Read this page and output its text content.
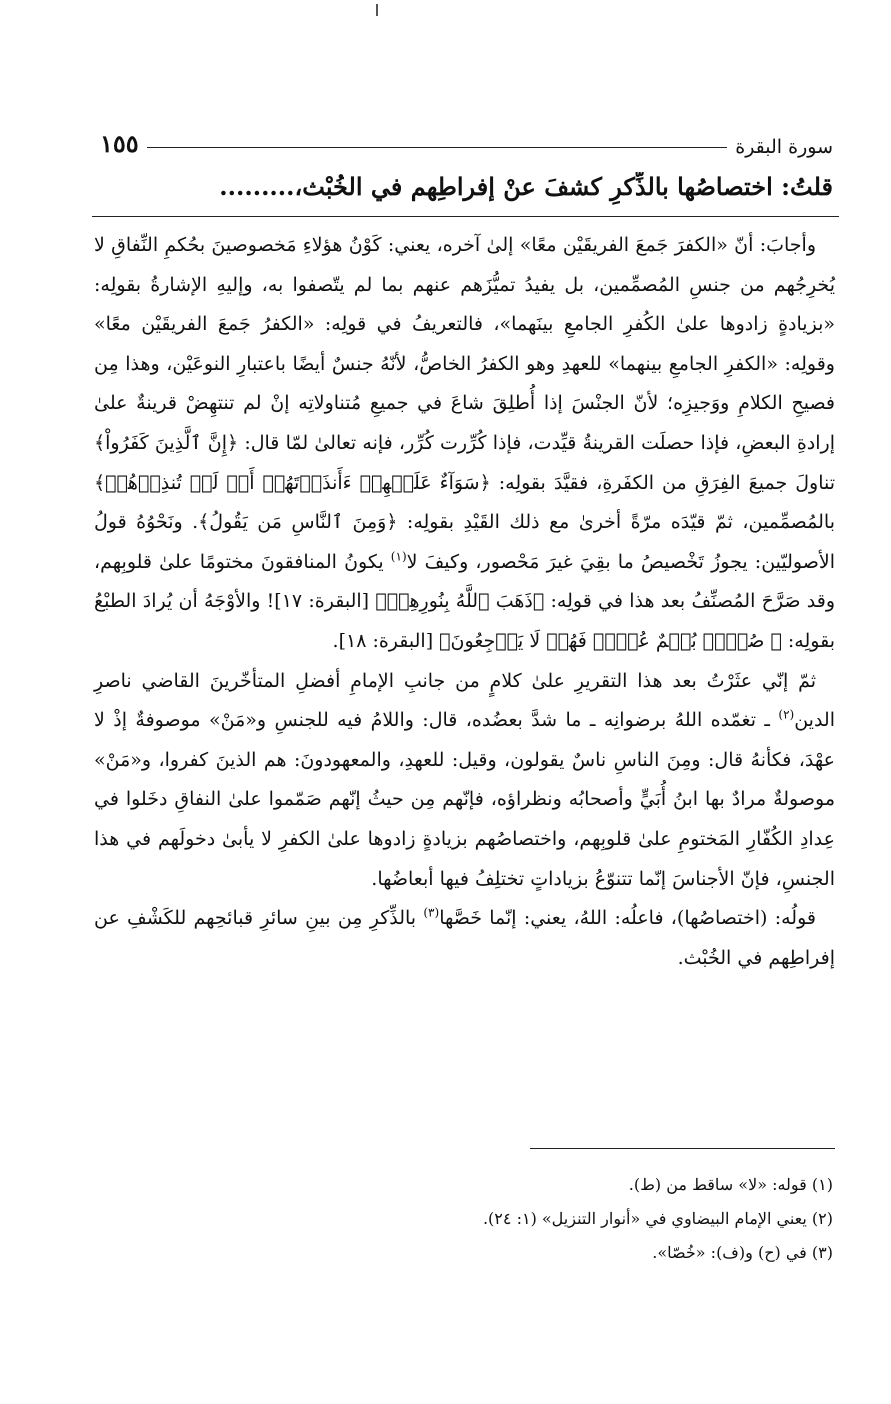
سورة البقرة
١٥٥
قلتُ: اختصاصُها بالذِّكرِ كشفَ عنْ إفراطِهم في الخُبْث،.........

 وأجابَ: أنّ «الكفرَ جَمعَ الفريقَيْن معًا» إلىٰ آخره، يعني: كَوْنُ هؤلاءِ مَخصوصينَ بحُكمِ النِّفاقِ لا يُخرِجُهم من جنسِ المُصمِّمين، بل يفيدُ تميُّزَهم عنهم بما لم يتّصفوا به، وإليهِ الإشارةُ بقولِه: «بزيادةٍ زادوها علىٰ الكُفرِ الجامعِ بينَهما»، فالتعريفُ في قولِه: «الكفرُ جَمعَ الفريقَيْن معًا» وقولِه: «الكفرِ الجامعِ بينهما» للعهدِ وهو الكفرُ الخاصُّ، لأنّهُ جنسٌ أيضًا باعتبارِ النوعَيْن، وهذا مِن فصيحِ الكلامِ ووَجيزِه؛ لأنّ الجنْسَ إذا أُطلِقَ شاعَ في جميعِ مُتناولاتِه إنْ لم تنتهِضْ قرينةٌ علىٰ إرادةِ البعضِ، فإذا حصلَت القرينةُ قيِّدت، فإذا كُرِّرت كُرِّر، فإنه تعالىٰ لمّا قال: ﴿إِنَّ ٱلَّذِينَ كَفَرُواْ﴾ تناولَ جميعَ الفِرَقِ من الكفَرةِ، فقيَّدَ بقولِه: ﴿سَوَآءٌ عَلَيۡهِمۡ ءَأَنذَرۡتَهُمۡ أَمۡ لَمۡ تُنذِرۡهُمۡ﴾ بالمُصمِّمين، ثمّ قيّدَه مرّةً أخرىٰ مع ذلك القَيْدِ بقولِه: ﴿وَمِنَ ٱلنَّاسِ مَن يَقُولُ﴾. ونَحْوُهُ قولُ الأصوليّين: يجوزُ تَخْصيصُ ما بقِيَ غيرَ مَحْصور، وكيفَ لا$^{(١)}$ يكونُ المنافقونَ مختومًا علىٰ قلوبِهم، وقد صَرَّحَ المُصنِّفُ بعد هذا في قولِه: ﴿ذَهَبَ ٱللَّهُ بِنُورِهِمۡ﴾ [البقرة: ١٧]! والأوْجَهُ أن يُرادَ الطبْعُ بقولِه: ﴿ صُمٌّۢ بُكۡمٌ عُمۡيٞ فَهُمۡ لَا يَرۡجِعُونَ﴾ [البقرة: ١٨].

 ثمّ إنّي عثَرْتُ بعد هذا التقريرِ علىٰ كلامٍ من جانبِ الإمامِ أفضلِ المتأخّرينَ القاضي ناصرِ الدين$^{(٢)}$ ـ تغمّده اللهُ برضوانِه ـ ما شدَّ بعضُده، قال: واللامُ فيه للجنسِ و«مَنْ» موصوفةٌ إذْ لا عهْدَ، فكأنهُ قال: ومِنَ الناسِ ناسٌ يقولون، وقيل: للعهدِ، والمعهودونَ: هم الذينَ كفروا، و«مَنْ» موصولةٌ مرادٌ بها ابنُ أُبَيٍّ وأصحابُه ونظراؤه، فإنّهم مِن حيثُ إنّهم صَمّموا علىٰ النفاقِ دخَلوا في عِدادِ الكُفّارِ المَختومِ علىٰ قلوبِهم، واختصاصُهم بزيادةٍ زادوها علىٰ الكفرِ لا يأبىٰ دخولَهم في هذا الجنسِ، فإنّ الأجناسَ إنّما تتنوّعُ بزياداتٍ تختلِفُ فيها أبعاضُها.

 قولُه: (اختصاصُها)، فاعلُه: اللهُ، يعني: إنّما خَصَّها$^{(٣)}$ بالذِّكرِ مِن بينِ سائرِ قبائحِهم للكَشْفِ عن إفراطِهم في الخُبْث.

(١) قوله: «لا» ساقط من (ط).
(٢) يعني الإمام البيضاوي في «أنوار التنزيل» (١: ٢٤).
(٣) في (ح) و(ف): «خُصّا».
